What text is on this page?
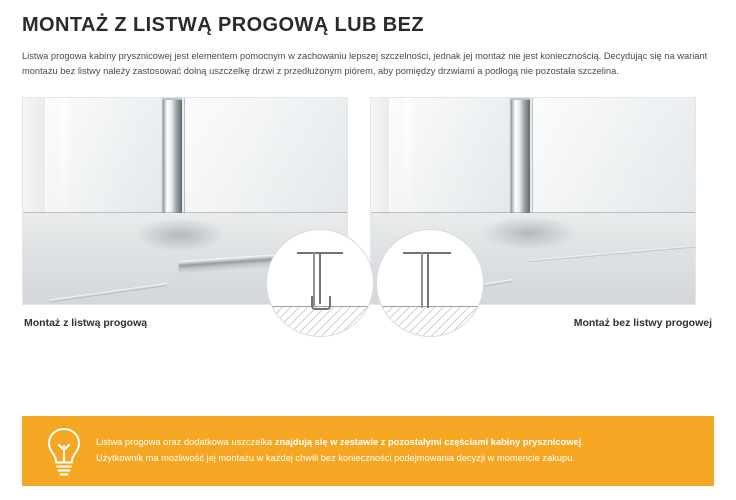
MONTAŻ Z LISTWĄ PROGOWĄ LUB BEZ

Listwa progowa kabiny prysznicowej jest elementem pomocnym w zachowaniu lepszej szczelności, jednak jej montaż nie jest koniecznością. Decydując się na wariant montażu bez listwy należy zastosować dolną uszczelkę drzwi z przedłużonym piórem, aby pomiędzy drzwiami a podłogą nie pozostała szczelina.

Montaż z listwą progową	Montaż bez listwy progowej
Listwa progowa oraz dodatkowa uszczelka znajdują się w zestawie z pozostałymi częściami kabiny prysznicowej.
Użytkownik ma możliwość jej montażu w każdej chwili bez konieczności podejmowania decyzji w momencie zakupu.
